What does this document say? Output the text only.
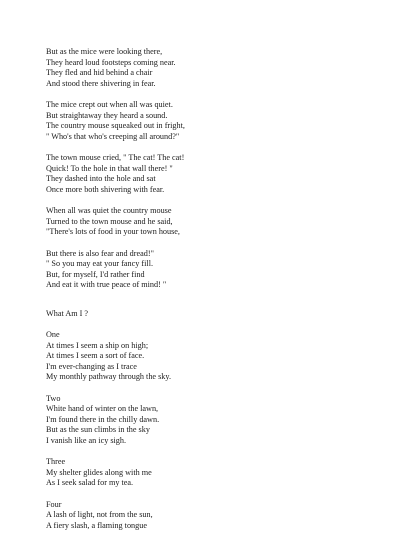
But as the mice were looking there,
They heard loud footsteps coming near.
They fled and hid behind a chair
And stood there shivering in fear.
The mice crept out when all was quiet.
But straightaway they heard a sound.
The country mouse squeaked out in fright,
" Who's that who's creeping all around?"
The town mouse cried, " The cat! The cat!
Quick! To the hole in that wall there! "
They dashed into the hole and sat
Once more both shivering with fear.
When all was quiet the country mouse
Turned to the town mouse and he said,
"There's lots of food in your town house,
But there is also fear and dread!"
" So you may eat your fancy fill.
But, for myself, I'd rather find
And eat it with true peace of mind! "
What Am I ?
One
At times I seem a ship on high;
At times I seem a sort of face.
I'm ever-changing as I trace
My monthly pathway through the sky.
Two
White hand of winter on the lawn,
I'm found there in the chilly dawn.
But as the sun climbs in the sky
I vanish like an icy sigh.
Three
My shelter glides along with me
As I seek salad for my tea.
Four
A lash of light, not from the sun,
A fiery slash, a flaming tongue
